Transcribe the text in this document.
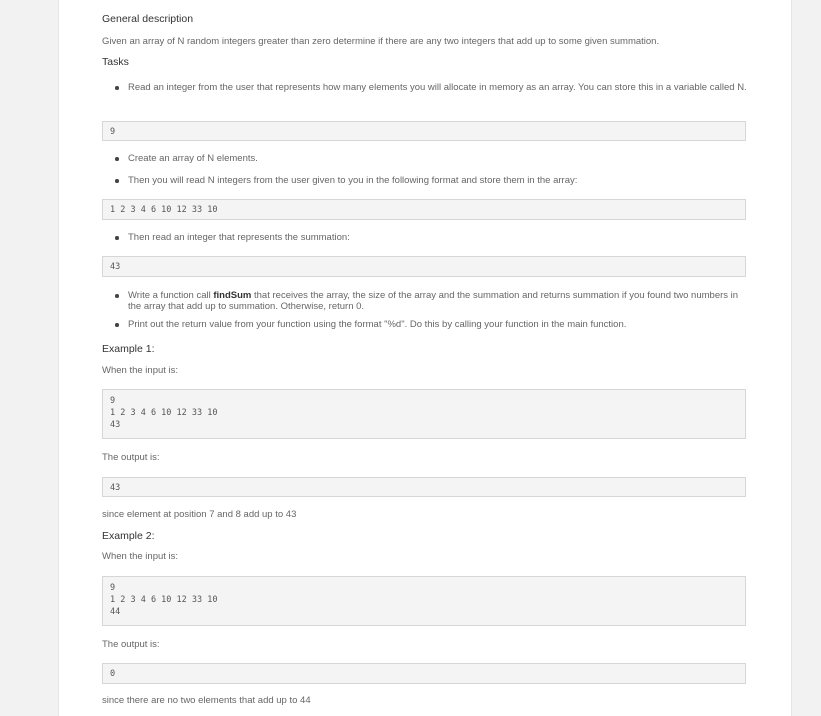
General description
Given an array of N random integers greater than zero determine if there are any two integers that add up to some given summation.
Tasks
Read an integer from the user that represents how many elements you will allocate in memory as an array. You can store this in a variable called N.
9
Create an array of N elements.
Then you will read N integers from the user given to you in the following format and store them in the array:
1 2 3 4 6 10 12 33 10
Then read an integer that represents the summation:
43
Write a function call findSum that receives the array, the size of the array and the summation and returns summation if you found two numbers in the array that add up to summation. Otherwise, return 0.
Print out the return value from your function using the format "%d". Do this by calling your function in the main function.
Example 1:
When the input is:
9
1 2 3 4 6 10 12 33 10
43
The output is:
43
since element at position 7 and 8 add up to 43
Example 2:
When the input is:
9
1 2 3 4 6 10 12 33 10
44
The output is:
0
since there are no two elements that add up to 44
